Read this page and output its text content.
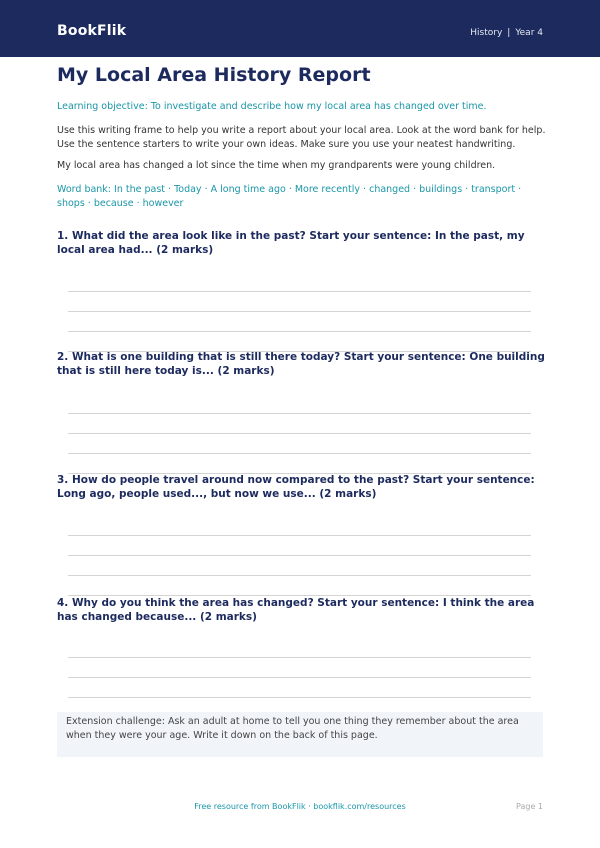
BookFlik	History | Year 4
My Local Area History Report
Learning objective: To investigate and describe how my local area has changed over time.
Use this writing frame to help you write a report about your local area. Look at the word bank for help. Use the sentence starters to write your own ideas. Make sure you use your neatest handwriting.
My local area has changed a lot since the time when my grandparents were young children.
Word bank: In the past · Today · A long time ago · More recently · changed · buildings · transport · shops · because · however
1. What did the area look like in the past? Start your sentence: In the past, my local area had... (2 marks)
2. What is one building that is still there today? Start your sentence: One building that is still here today is... (2 marks)
3. How do people travel around now compared to the past? Start your sentence: Long ago, people used..., but now we use... (2 marks)
4. Why do you think the area has changed? Start your sentence: I think the area has changed because... (2 marks)
Extension challenge: Ask an adult at home to tell you one thing they remember about the area when they were your age. Write it down on the back of this page.
Free resource from BookFlik · bookflik.com/resources	Page 1
